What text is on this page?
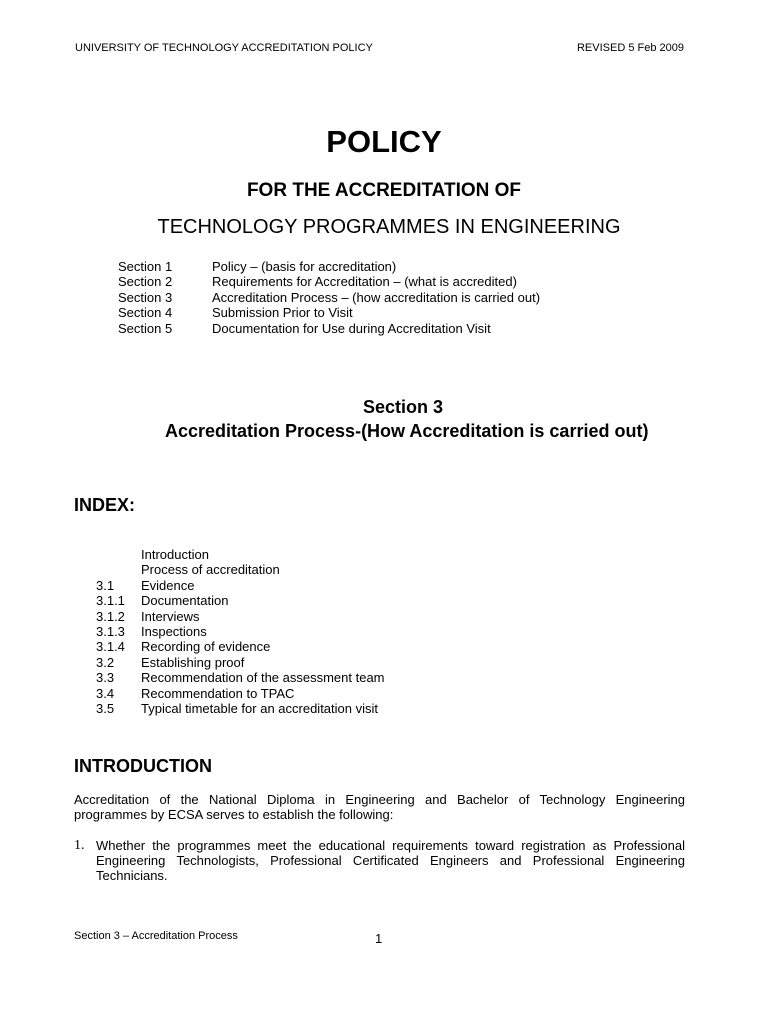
UNIVERSITY OF TECHNOLOGY ACCREDITATION POLICY	REVISED 5 Feb 2009
POLICY
FOR THE ACCREDITATION OF
TECHNOLOGY PROGRAMMES IN ENGINEERING
Section 1	Policy – (basis for accreditation)
Section 2	Requirements for Accreditation – (what is accredited)
Section 3	Accreditation Process – (how accreditation is carried out)
Section 4	Submission Prior to Visit
Section 5	Documentation for Use during Accreditation Visit
Section 3
Accreditation Process-(How Accreditation is carried out)
INDEX:
Introduction
Process of accreditation
3.1	Evidence
3.1.1	Documentation
3.1.2	Interviews
3.1.3	Inspections
3.1.4	Recording of evidence
3.2	Establishing proof
3.3	Recommendation of the assessment team
3.4	Recommendation to TPAC
3.5	Typical timetable for an accreditation visit
INTRODUCTION
Accreditation of the National Diploma in Engineering and Bachelor of Technology Engineering programmes by ECSA serves to establish the following:
1. Whether the programmes meet the educational requirements toward registration as Professional Engineering Technologists, Professional Certificated Engineers and Professional Engineering Technicians.
Section 3 – Accreditation Process	1
